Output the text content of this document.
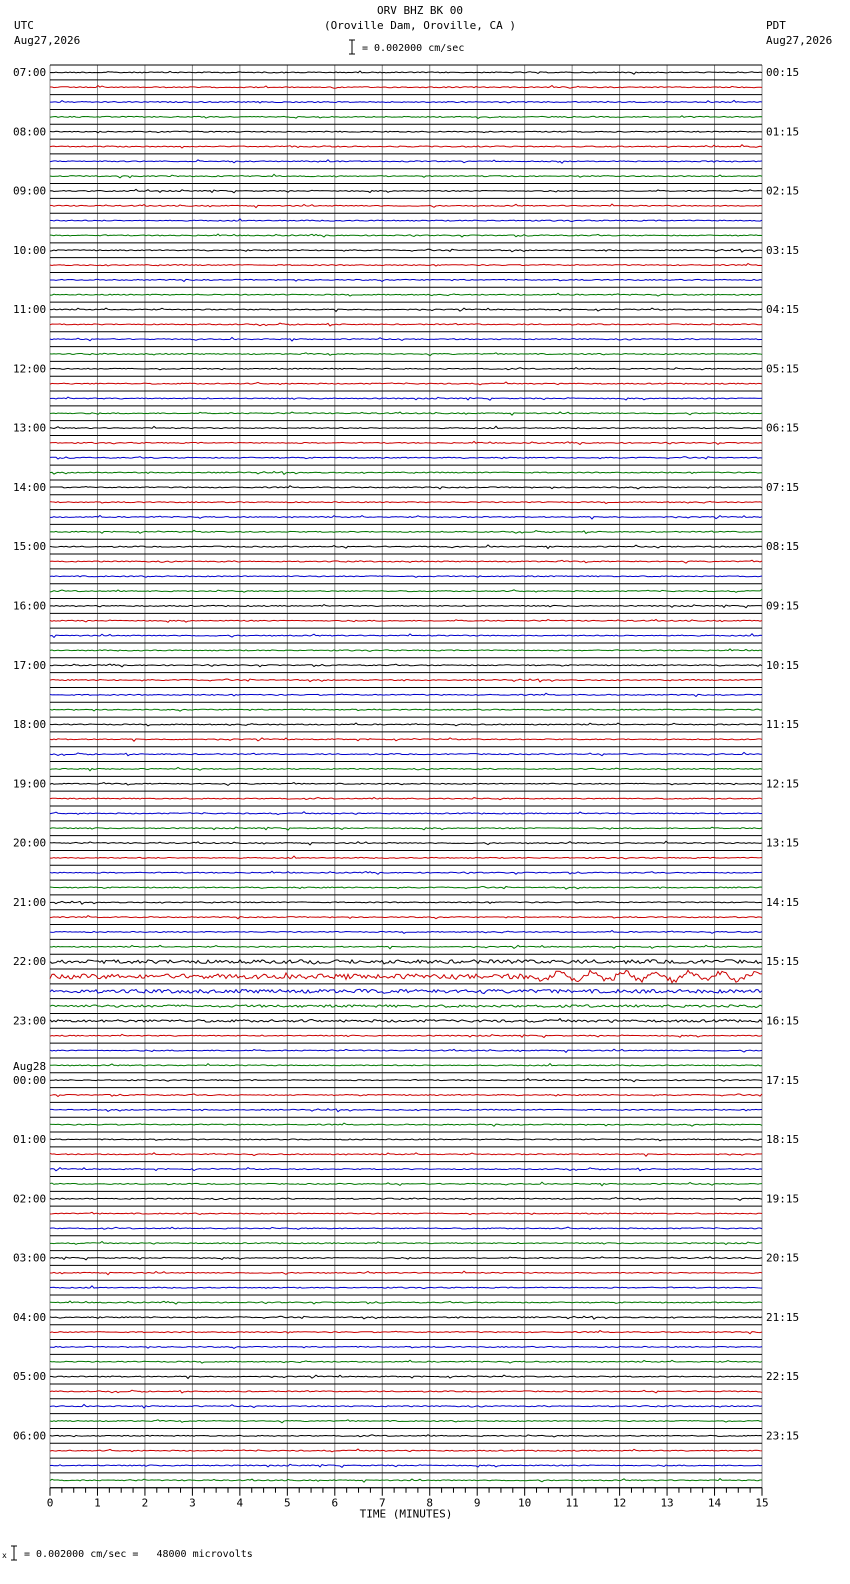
ORV BHZ BK 00
(Oroville Dam, Oroville, CA )
UTC
Aug27,2026
PDT
Aug27,2026
= 0.002000 cm/sec
= 0.002000 cm/sec =   48000 microvolts
07:00
08:00
09:00
10:00
11:00
12:00
13:00
14:00
15:00
16:00
17:00
18:00
19:00
20:00
21:00
22:00
23:00
00:00
Aug28
01:00
02:00
03:00
04:00
05:00
06:00
00:15
01:15
02:15
03:15
04:15
05:15
06:15
07:15
08:15
09:15
10:15
11:15
12:15
13:15
14:15
15:15
16:15
17:15
18:15
19:15
20:15
21:15
22:15
23:15
0	1	2	3	4	5	6	7	8	9	10	11	12	13	14	15
TIME (MINUTES)
x
